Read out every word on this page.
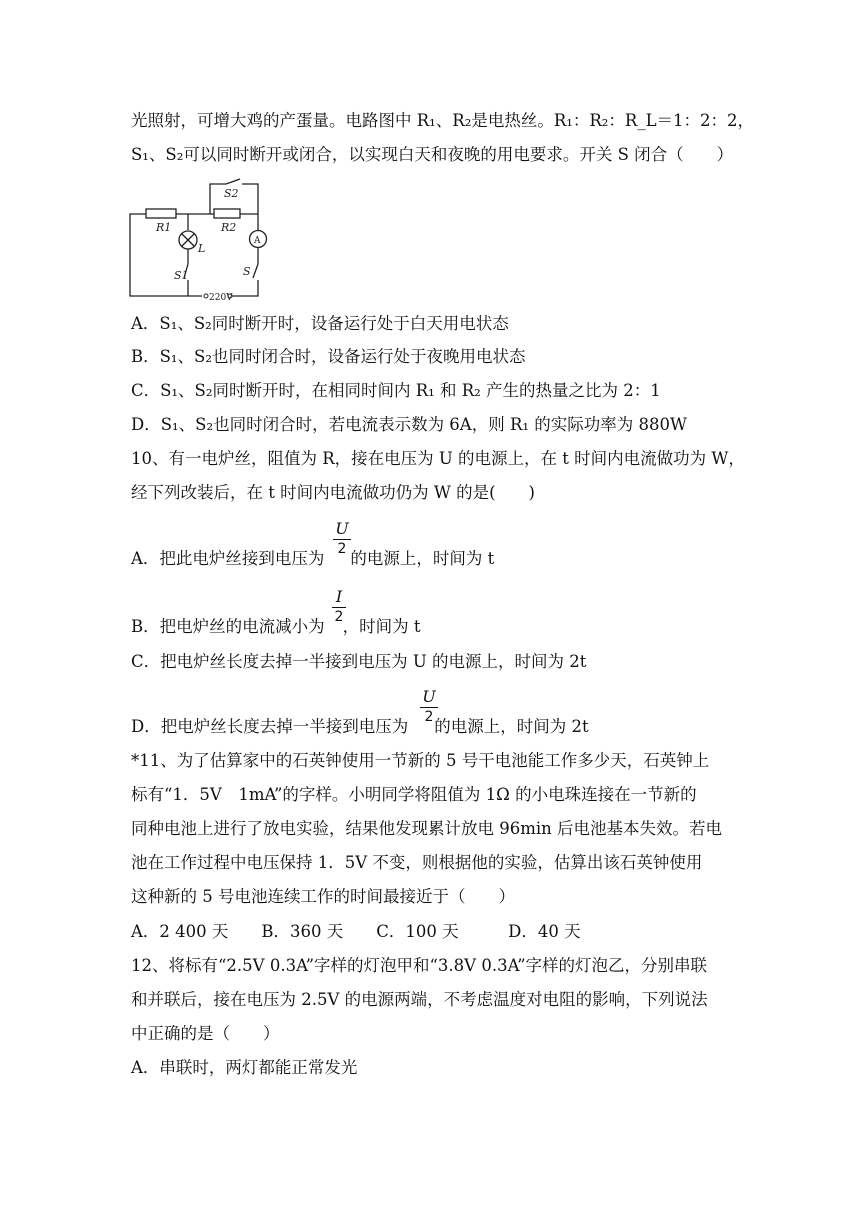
光照射，可增大鸡的产蛋量。电路图中 R₁、R₂是电热丝。R₁：R₂：R_L＝1：2：2，
S₁、S₂可以同时断开或闭合，以实现白天和夜晚的用电要求。开关 S 闭合（　　）
S2
R1	R2
L
A
S1	S
220V
A．S₁、S₂同时断开时，设备运行处于白天用电状态
B．S₁、S₂也同时闭合时，设备运行处于夜晚用电状态
C．S₁、S₂同时断开时，在相同时间内 R₁ 和 R₂ 产生的热量之比为 2：1
D．S₁、S₂也同时闭合时，若电流表示数为 6A，则 R₁ 的实际功率为 880W
10、有一电炉丝，阻值为 R，接在电压为 U 的电源上，在 t 时间内电流做功为 W，
经下列改装后，在 t 时间内电流做功仍为 W 的是(　　)
A．把此电炉丝接到电压为 的电源上，时间为 t
U
2
B．把电炉丝的电流减小为 ，时间为 t
I
2
C．把电炉丝长度去掉一半接到电压为 U 的电源上，时间为 2t
D．把电炉丝长度去掉一半接到电压为 的电源上，时间为 2t
U
2
*11、为了估算家中的石英钟使用一节新的 5 号干电池能工作多少天，石英钟上
标有“1．5V　1mA”的字样。小明同学将阻值为 1Ω 的小电珠连接在一节新的
同种电池上进行了放电实验，结果他发现累计放电 96min 后电池基本失效。若电
池在工作过程中电压保持 1．5V 不变，则根据他的实验，估算出该石英钟使用
这种新的 5 号电池连续工作的时间最接近于（　　）
A．2 400 天　　B．360 天　　C．100 天　　　D．40 天
12、将标有“2.5V 0.3A”字样的灯泡甲和“3.8V 0.3A”字样的灯泡乙，分别串联
和并联后，接在电压为 2.5V 的电源两端，不考虑温度对电阻的影响，下列说法
中正确的是（　　）
A．串联时，两灯都能正常发光
